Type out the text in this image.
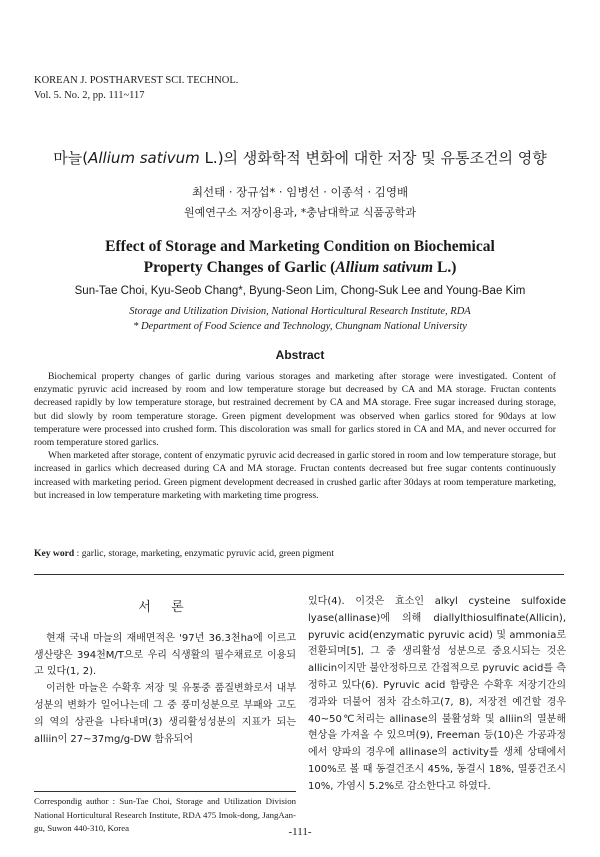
KOREAN J. POSTHARVEST SCI. TECHNOL.
Vol. 5. No. 2, pp. 111~117
마늘(Allium sativum L.)의 생화학적 변화에 대한 저장 및 유통조건의 영향
최선태 · 장규섭* · 임병선 · 이종석 · 김영배
원예연구소 저장이용과, *충남대학교 식품공학과
Effect of Storage and Marketing Condition on Biochemical
Property Changes of Garlic (Allium sativum L.)
Sun-Tae Choi, Kyu-Seob Chang*, Byung-Seon Lim, Chong-Suk Lee and Young-Bae Kim
Storage and Utilization Division, National Horticultural Research Institute, RDA
* Department of Food Science and Technology, Chungnam National University
Abstract

Biochemical property changes of garlic during various storages and marketing after storage were investigated. Content of enzymatic pyruvic acid increased by room and low temperature storage but decreased by CA and MA storage. Fructan contents decreased rapidly by low temperature storage, but restrained decrement by CA and MA storage. Free sugar increased during storage, but did slowly by room temperature storage. Green pigment development was observed when garlics stored for 90days at low temperature were processed into crushed form. This discoloration was small for garlics stored in CA and MA, and never occurred for room temperature stored garlics.

When marketed after storage, content of enzymatic pyruvic acid decreased in garlic stored in room and low temperature storage, but increased in garlics which decreased during CA and MA storage. Fructan contents decreased but free sugar contents continuously increased with marketing period. Green pigment development decreased in crushed garlic after 30days at room temperature marketing, but increased in low temperature marketing with marketing time progress.

Key word : garlic, storage, marketing, enzymatic pyruvic acid, green pigment
서 론

현재 국내 마늘의 재배면적은 '97년 36.3천ha에 이르고 생산량은 394천M/T으로 우리 식생활의 필수채료로 이용되고 있다(1, 2).

이러한 마늘은 수확후 저장 및 유통중 품질변화로서 내부성분의 변화가 일어나는데 그 중 풍미성분으로 부패와 고도의 역의 상관을 나타내며(3) 생리활성성분의 지표가 되는 alliin이 27~37mg/g-DW 함유되어

있다(4). 이것은 효소인 alkyl cysteine sulfoxide lyase(allinase)에 의해 diallylthiosulfinate(Allicin), pyruvic acid(enzymatic pyruvic acid) 및 ammonia로 전환되며[5], 그 중 생리활성 성분으로 중요시되는 것은 allicin이지만 불안정하므로 간접적으로 pyruvic acid를 측정하고 있다(6). Pyruvic acid 함량은 수확후 저장기간의 경과와 더불어 점차 감소하고(7, 8), 저장전 예건할 경우 40~50℃처리는 allinase의 불활성화 및 alliin의 열분해 현상을 가져올 수 있으며(9), Freeman 등(10)은 가공과정에서 양파의 경우에 allinase의 activity를 생체 상태에서 100%로 볼 때 동결건조시 45%, 동결시 18%, 열풍건조시 10%, 가염시 5.2%로 감소한다고 하였다.

Correspondig author : Sun-Tae Choi, Storage and Utilization Division National Horticultural Research Institute, RDA 475 Imok-dong, JangAan-gu, Suwon 440-310, Korea	-111-
